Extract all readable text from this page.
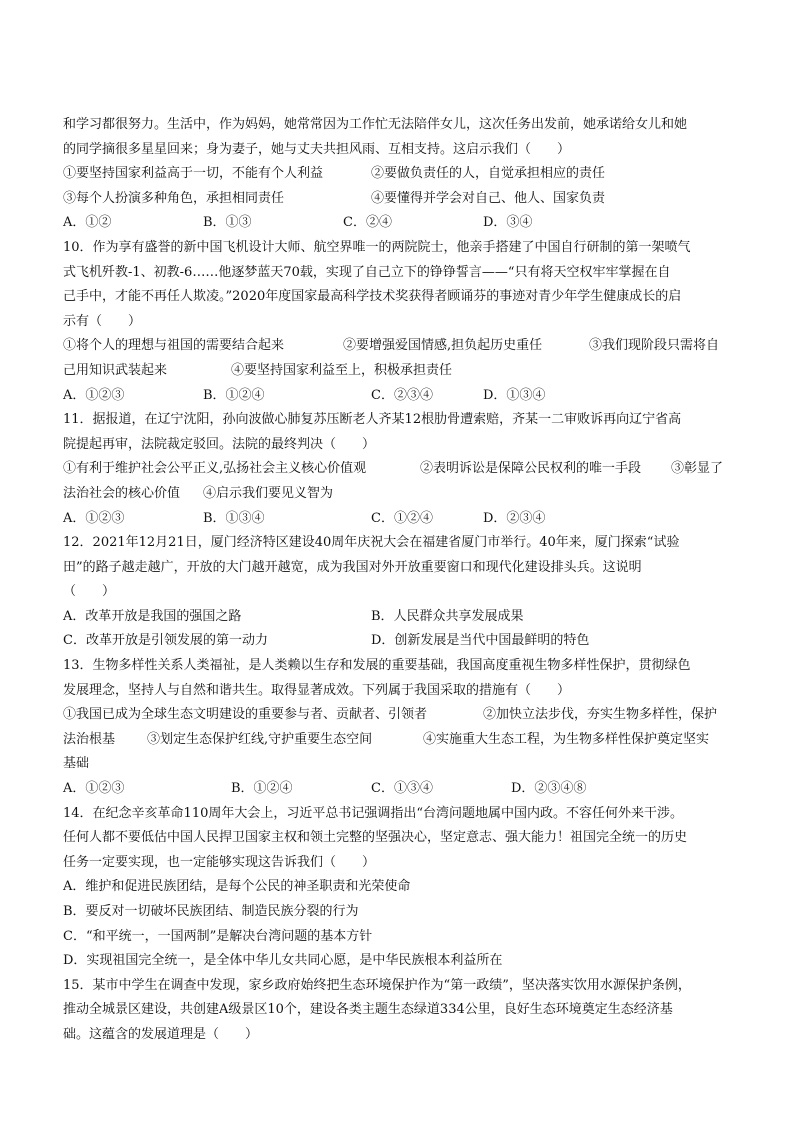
和学习都很努力。生活中，作为妈妈，她常常因为工作忙无法陪伴女儿，这次任务出发前，她承诺给女儿和她

的同学摘很多星星回来；身为妻子，她与丈夫共担风雨、互相支持。这启示我们（　　）

①要坚持国家利益高于一切，不能有个人利益	②要做负责任的人，自觉承担相应的责任
③每个人扮演多种角色，承担相同责任	④要懂得并学会对自己、他人、国家负责
A．①②	B．①③	C．②④	D．③④

10．作为享有盛誉的新中国飞机设计大师、航空界唯一的两院院士，他亲手搭建了中国自行研制的第一架喷气

式飞机歼教-1、初教-6……他逐梦蓝天70载，实现了自己立下的铮铮誓言——“只有将天空权牢牢掌握在自

己手中，才能不再任人欺凌。”2020年度国家最高科学技术奖获得者顾诵芬的事迹对青少年学生健康成长的启

示有（　　）

①将个人的理想与祖国的需要结合起来	②要增强爱国情感,担负起历史重任	③我们现阶段只需将自
己用知识武装起来	④要坚持国家利益至上，积极承担责任
A．①②③	B．①②④	C．②③④	D．①③④

11．据报道，在辽宁沈阳，孙向波做心肺复苏压断老人齐某12根肋骨遭索赔，齐某一二审败诉再向辽宁省高

院提起再审，法院裁定驳回。法院的最终判决（　　）

①有利于维护社会公平正义,弘扬社会主义核心价值观	②表明诉讼是保障公民权利的唯一手段 ③彰显了
法治社会的核心价值 ④启示我们要见义智为
A．①②③	B．①③④	C．①②④	D．②③④

12．2021年12月21日，厦门经济特区建设40周年庆祝大会在福建省厦门市举行。40年来，厦门探索“试验

田”的路子越走越广，开放的大门越开越宽，成为我国对外开放重要窗口和现代化建设排头兵。这说明

（　　）

A．改革开放是我国的强国之路	B．人民群众共享发展成果
C．改革开放是引领发展的第一动力	D．创新发展是当代中国最鲜明的特色

13．生物多样性关系人类福祉，是人类赖以生存和发展的重要基础，我国高度重视生物多样性保护，贯彻绿色

发展理念，坚持人与自然和谐共生。取得显著成效。下列属于我国采取的措施有（　　）

①我国已成为全球生态文明建设的重要参与者、贡献者、引领者	②加快立法步伐，夯实生物多样性，保护
法治根基 ③划定生态保护红线,守护重要生态空间	④实施重大生态工程，为生物多样性保护奠定坚实
基础
A．①②③	B．①②④	C．①③④	D．②③④⑧

14．在纪念辛亥革命110周年大会上，习近平总书记强调指出“台湾问题地属中国内政。不容任何外来干涉。

任何人都不要低估中国人民捍卫国家主权和领土完整的坚强决心，坚定意志、强大能力！祖国完全统一的历史

任务一定要实现，也一定能够实现这告诉我们（　　）

A．维护和促进民族团结，是每个公民的神圣职责和光荣使命

B．要反对一切破坏民族团结、制造民族分裂的行为

C．“和平统一，一国两制”是解决台湾问题的基本方针

D．实现祖国完全统一，是全体中华儿女共同心愿，是中华民族根本利益所在

15．某市中学生在调查中发现，家乡政府始终把生态环境保护作为“第一政绩”，坚决落实饮用水源保护条例，

推动全城景区建设，共创建A级景区10个，建设各类主题生态绿道334公里，良好生态环境奠定生态经济基

础。这蕴含的发展道理是（　　）
